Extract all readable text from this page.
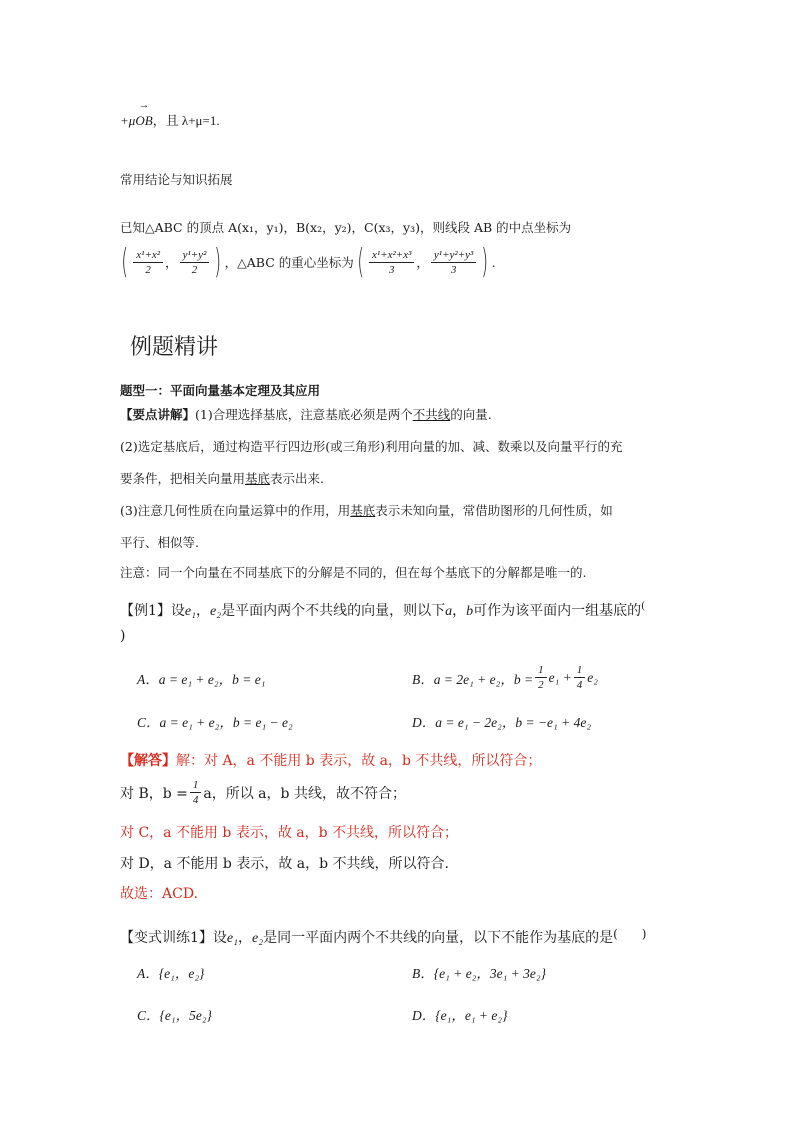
+μ→ OB，且 λ+μ=1.
常用结论与知识拓展
已知△ABC 的顶点 A(x₁，y₁)，B(x₂，y₂)，C(x₃，y₃)，则线段 AB 的中点坐标为
( $\frac{\text{x¹+x²}}{2}$ ， $\frac{\text{y¹+y²}}{2}$ ) ，△ABC 的重心坐标为 ( $\frac{\text{x¹+x²+x³}}{3}$ ， $\frac{\text{y¹+y²+y³}}{3}$ ) .
例题精讲
题型一：平面向量基本定理及其应用
【要点讲解】(1)合理选择基底，注意基底必须是两个不共线的向量.
(2)选定基底后，通过构造平行四边形(或三角形)利用向量的加、减、数乘以及向量平行的充
要条件，把相关向量用基底表示出来.
(3)注意几何性质在向量运算中的作用，用基底表示未知向量，常借助图形的几何性质，如
平行、相似等.
注意：同一个向量在不同基底下的分解是不同的，但在每个基底下的分解都是唯一的.
【例1】设e₁，e₂是平面内两个不共线的向量，则以下a，b可作为该平面内一组基底的(
)
A．a = e₁ + e₂，b = e₁	B．a = 2e₁ + e₂，$b = \frac{1}{2} e_1 + \frac{1}{4} e_2$
C．a = e₁ + e₂，b = e₁ − e₂	D．a = e₁ − 2e₂，b = −e₁ + 4e₂
【解答】解：对 A，a 不能用 b 表示，故 a，b 不共线，所以符合；
对 B，$b = \frac{1}{4}$ a，所以 a，b 共线，故不符合；
对 C，a 不能用 b 表示，故 a，b 不共线，所以符合；
对 D，a 不能用 b 表示，故 a，b 不共线，所以符合.
故选：ACD.
【变式训练1】设e₁，e₂是同一平面内两个不共线的向量，以下不能作为基底的是(　　)
A．{e₁，e₂}	B．{e₁ + e₂，3e₁ + 3e₂}
C．{e₁，5e₂}	D．{e₁，e₁ + e₂}
